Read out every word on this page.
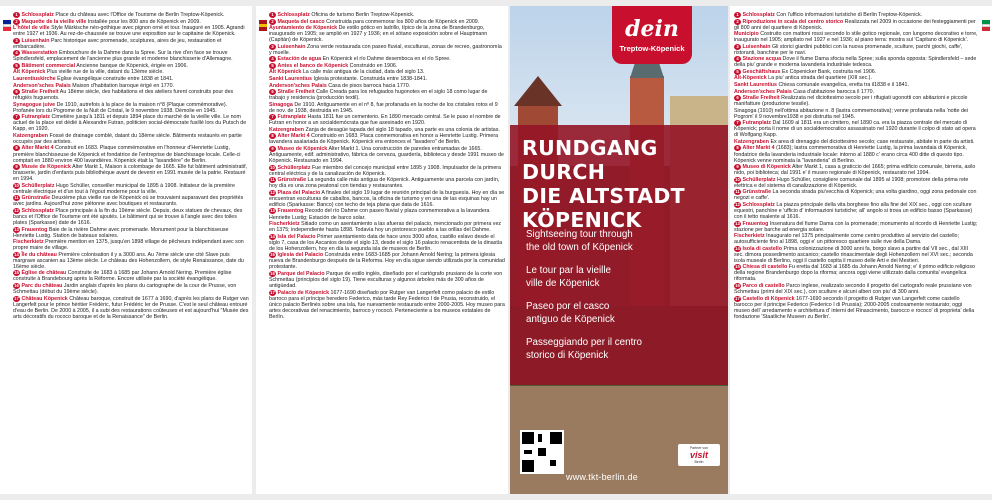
1 Schlossplatz Place du château avec l'Office de Tourisme de Berlin Treptow-Köpenick.
2 Maquette de la vieille ville Installée pour les 800 ans de Köpenick en 2009.
L'hôtel de ville Style Märkische néo-gothique avec pignon orné et tour. Inauguré en 1905. Agrandi entre 1927 et 1936. Au rez-de-chaussée se trouve une exposition sur le capitaine de Köpenick.
3 Luisenhain Parc historique avec promenade, sculptures, aires de jeu, restauration et embarcadère.
4 Wasserstation Embouchure de la Dahme dans la Spree. Sur la rive d'en face se trouve Spindlersfeld, emplacement de l'ancienne plus grande et moderne blanchisserie d'Allemagne.
5 Bâtiment commercial Ancienne banque de Köpenick, érigée en 1906.
Alt Köpenick Plus vieille rue de la ville, datant du 13ème siècle.
Laurentiuskirche Église évangélique construite entre 1838 et 1841.
Anderson'sches Palais Maison d'habitation baroque érigé en 1770.
6 Straße Freiheit Au 18ème siècle, des habitations et des ateliers furent construits pour des réfugiés huguenots.
Synagogue juive De 1910, autrefois à la place de la maison n°8 (Plaque commémorative). Profanée lors du Pogrome de la Nuit de Cristal, le 9 novembre 1938. Démolie en 1945.
7 Futranplatz Cimetière jusqu'à 1811 et depuis 1894 place du marché de la vieille ville. Le nom actuel de la place est dédié à Alexandre Futran, politicien social-démocrate fusillé lors du Putsch de Kapp, en 1920.
Katzengraben Fossé de drainage comblé, datant du 18ème siècle. Bâtiments restaurés en partie occupés par des artistes.
8 Alter Markt 4 Construit en 1683. Plaque commémorative en l'honneur d'Henriette Lustig, première blanchisseuse de Köpenick et fondatrice de l'entreprise de blanchissage locale. Celle-ci comptait en 1880 environ 400 lavandières. Köpenick était la "lavandière" de Berlin.
9 Musée de Köpenick Alter Markt 1, Maison à colombage de 1665. Elle fut bâtiment administratif, brasserie, jardin d'enfants puis bibliothèque avant de devenir en 1991 musée de la patrie. Restauré en 1994.
10 Schüllerplatz Hugo Schüller, conseiller municipal de 1895 à 1908. Initiateur de la première centrale électrique et d'un tout à l'égout moderne pour la ville.
11 Grünstraße Deuxième plus vieille rue de Köpenick où se trouvaient auparavant des propriétés avec jardins. Aujourd'hui zone piétonne avec boutiques et restaurants.
12 Schlossplatz Place principale à la fin du 19ème siècle. Depuis, deux statues de chevaux, des bancs et l'Office de Tourisme ont été ajoutés. Le bâtiment qui se trouve à l'angle avec des toiles plates (Sparkasse) date de 1616.
13 Frauentog Baie de la rivière Dahme avec promenade. Monument pour la blanchisseuse Henriette Lustig. Station de bateaux solaires.
Fischerkietz Première mention en 1375, jusqu'en 1898 village de pêcheurs indépendant avec son propre maire de village.
14 Île du château Première colonisation il y a 3000 ans. Au 7ème siècle une cité Slave puis margrave ascanien au 13ème siècle. Le château des Hohenzollern, de style Renaissance, date du 16ème siècle.
15 Église de château Construite de 1683 à 1685 par Johann Arnold Nering. Première église construite à Brandebourg après la Réforme. Encore utilisée par la société évangélique.
16 Parc du château Jardin anglais d'après les plans du cartographe de la cour de Prusse, von Schmettau (début du 19ème siècle).
17 Château Köpenick Château baroque, construit de 1677 à 1690, d'après les plans de Rutger van Langerfelt pour le prince héritier Frédéric, futur Frédéric Ier de Prusse. C'est le seul château entouré d'eau de Berlin. De 2000 à 2005, il a subi des restaurations coûteuses et est aujourd'hui "Musée des arts décoratifs du rococo baroque et de la Renaissance" de Berlin.
1 Schlossplatz Oficina de turismo Berlin Treptow-Köpenick.
2 Maqueta del casco Construida para conmemorar los 800 años de Köpenick en 2009.
Ayuntamiento de Köpenick De estilo gótico en ladrillo, típico de la zona de Brandenburgo, inaugurado en 1905; se amplió en 1927 y 1936; en el sótano exposición sobre el Hauptmann (Capitán) de Köpenick.
3 Luisenhain Zona verde restaurada con paseo fluvial, esculturas, zonas de recreo, gastronomía y muelle.
4 Estación de agua En Köpenick el río Dahme desemboca en el río Spree.
5 Antes el banco de Köpenick Construido en 1906.
Alt Köpenick La calle más antigua de la ciudad, data del siglo 13.
Sankt Laurentius Iglesia protestante. Construida entre 1838-1841.
Anderson'sches Palais Casa de pisos barroca hacia 1770.
6 Straße Freiheit Calle Creada para los refugiados hugonotes en el siglo 18 como lugar de trabajo y residencia (producción textil).
Sinagoga De 1910. Antiguamente en el nº 8, fue profanada en la noche de los cristales rotos el 9 de nov. de 1938, destruida en 1945.
7 Futranplatz Hasta 1811 fue un cementerio. En 1890 mercado central. Se le puso el nombre de Futran en honor a un socialdemócrata que fue asesinado en 1920.
Katzengraben Zanja de desagüe tapada del siglo 18 tapado, una parte es una colonia de artistas.
8 Alter Markt 4 Construido en 1683. Placa conmemorativa en honor a Henriette Lustig. Primera lavandera asalariada de Köpenick. Köpenick era entonces el "lavadero" de Berlin.
9 Museo de Köpenick Alter Markt 1. Una construcción de paredes entramadas de 1665. Antiguamente, edif. administrativo, fábrica de cerveza, guardería, biblioteca y desde 1991 museo de Köpenick. Restaurado en 1994.
10 Schüllerplatz Fue miembro del concejo municipal entre 1895 y 1908. Impulsador de la primera central eléctrica y de la canalización de Köpenick.
11 Grünstraße La segunda calle más antigua de Köpenick. Antiguamente una parcela con jardín, hoy día es una zona peatonal con tiendas y restaurantes.
12 Plaza del Palacio A finales del siglo 19 lugar de reunión principal de la burguesía. Hoy en día se encuentran esculturas de caballos, bancos, la oficina de turismo y en una de las esquinas hay un edificio (Sparkasse: Banco) con techo de teja plana que data de 1616.
13 Frauentog Recodo del río Dahme con paseo fluvial y plaza conmemorativa a la lavandera Henriette Lustig; Estación de barco solar.
Fischerkietz Sitiado como un asentamiento a las afueras del palacio, mencionado por primera vez en 1375; independiente hasta 1898. Todavía hoy un pintoresco pueblo a las orillas del Dahme.
14 Isla del Palacio Primer asentamiento data de hace unos 3000 años, castillo eslavo desde el siglo 7, casa de los Ascanios desde el siglo 13, desde el siglo 16 palacio renacentista de la dinastía de los Hohenzollern, hoy en día la segunda isla de museos de Berlín.
15 Iglesia del Palacio Construida entre 1683-1685 por Johann Arnold Nering; la primera iglesia nueva de Brandenburgo después de la Reforma. Hoy en día sigue siendo utilizada por la comunidad protestante.
16 Parque del Palacio Parque de estilo inglés, diseñado por el cartógrafo prusiano de la corte von Schmettau (principios del siglo 19). Tiene esculturas y algunos árboles más de 300 años de antigüedad.
17 Palacio de Köpenick 1677-1690 diseñado por Rutger van Langerfelt como palacio de estilo barroco para el príncipe heredero Federico, más tarde Rey Federico I de Prusia, reconstruido, el único palacio Berlinés sobre una isla, fue nuevamente restaurado entre 2000-2005. Hoy museo para artes decorativas del renacimiento, barroco y rococó. Perteneciente a los museos estatales de Berlín.
RUNDGANG DURCH
DIE ALTSTADT
KÖPENICK
Sightseeing tour through
the old town of Köpenick
Le tour par la vieille
ville de Köpenick
Paseo por el casco
antiguo de Köpenick
Passeggiando per il centro
storico di Köpenick
dein
Treptow-Köpenick
www.tkt-berlin.de
Partner von
visit
Berlin
1 Schlossplatz Con l'ufficio informazioni turistiche di Berlin Treptow-Köpenick.
2 Riproduzione in scala del centro storico Realizzata nel 2009 in occasione dei festeggiamenti per gli 800 anni del quartiere di Köpenick.
Municipio Costruito con mattoni rossi secondo lo stile gotico regionale, con lungorno decorativo e torre, inaugurato nel 1905; ampliato nel 1927 e nel 1936; al piano terra: mostra sul 'Capitano di Köpenick'.
3 Luisenhain Gli storici giardini pubblici con la nuova promenade, sculture, parchi giochi, caffe', ristoranti, banchine per le navi.
4 Stazione acqua Dove il fiume Dama sfocia nella Spree; sulla sponda opposta: Spindlersfeld – sede della piu' grande e moderna lavanderia industriale tedesca.
5 Geschäftshaus Ex Cöpenicker Bank, costruita nel 1906.
Alt-Köpenick La piu' antica strada del quartiere (XIII sec.).
Sankt Laurentius Chiesa comunale evangelica, eretta tra il1838 e il 1841.
Anderson'sches Palais Casa d'abitazione barocca il 1770.
6 Straße Freiheit Realizzata nel diciottesimo secolo per i rifugiati ugonotti con abitazioni e piccole manifatture (produzione tessile).
Sinagoga (1910) nell'ottima abitazione n. 8 (lastra commemorativa); venne profanata nella 'notte dei Pogrom' il 9 novembre1938 e poi distrutta nel 1945.
7 Futranplatz Dal 1609 al 1811 era un cimitero, nel 1890 ca. era la piazza centrale del mercato di Köpenick; porta il nome di un socialdemocratico assassinato nel 1920 durante il colpo di stato ad opera di Wolfgang Kapp.
Katzengraben Ex area di drenaggio del diciottesimo secolo; case restaurate, abitate in parte da artisti.
8 Alter Markt 4 (1683); lastra commemorativa di Henriette Lustig, la prima lavandaia di Köpenick, fondatrice della lavanderia industriale locale: intorno al 1880 c' erano circa 400 ditte di questo tipo. Köpenick venne nominata la "lavanderia" di Berlino.
9 Museo di Köpenick Alter Markt 1, casa a graticcio del 1665; prima edificio comunale, birreria, asilo nido, poi biblioteca; dal 1991 e' il museo regionale di Köpenick, restaurato nel 1994.
10 Schüllerplatz Hugo Schüller, consigliere comunale dal 1895 al 1908; promotore della prima rete elettrica e del sistema di canalizzazione di Köpenick.
11 Grünstraße La seconda strada piu'vecchia di Köpenick; una volta giardino, oggi zona pedonale con negozi e caffe'.
12 Schlossplatz La piazza principale della vita borghese fino alla fine del XIX sec., oggi con sculture equestri, panchine e 'ufficio d' informazioni turistiche; all' angolo si trova un edificio basso (Sparkasse) con il tetto risalente al 1616.
13 Frauentog Insenatura del fiume Dama con la promenade; monumento al ricordo di Henriette Lustig; stazione per barche ad energia solare.
Fischerkietz Inaugurato nel 1375 principalmente come centro produttivo al servizio del castello; autosufficiente fino al 1898, oggi e' un pittoresco quartiere sulle rive della Dama.
14 Isola di castello Prima colonizzazione di 3000 anni fa, borgo slavo a partire dal VII sec., dal XIII sec. dimora possedimento ascanico; castello rinascimentale degli Hohenzollern nel XVI sec.; seconda isola museale di Berlino, oggi il castello ospita il museo delle Arti e dei Mestieri.
15 Chiesa di castello Fu eretta dal 1683 al 1685 da Johann Arnold Nering; e' il primo edificio religioso della regione Brandenburgo dopo la riforma; ancora oggi viene utilizzato dalla comunita' evangelica riformata.
16 Parco di castello Parco inglese, realizzato secondo il progetto del cartografo reale prussiano von Schmettau (primi del XIX sec.), con sculture e alcuni alberi con piu' di 300 anni.
17 Castello di Köpenick 1677-1690 secondo il progetto di Rutger van Langerfelt come castello barocco per il principe Federico (Federico I di Prussia); 2000-2005 costosamente restaurato; oggi museo dell' arredamento e architettura d' interni del Rinascimento, barocco e rococo' di proprieta' della fondazione 'Staatliche Museen zu Berlin'.
